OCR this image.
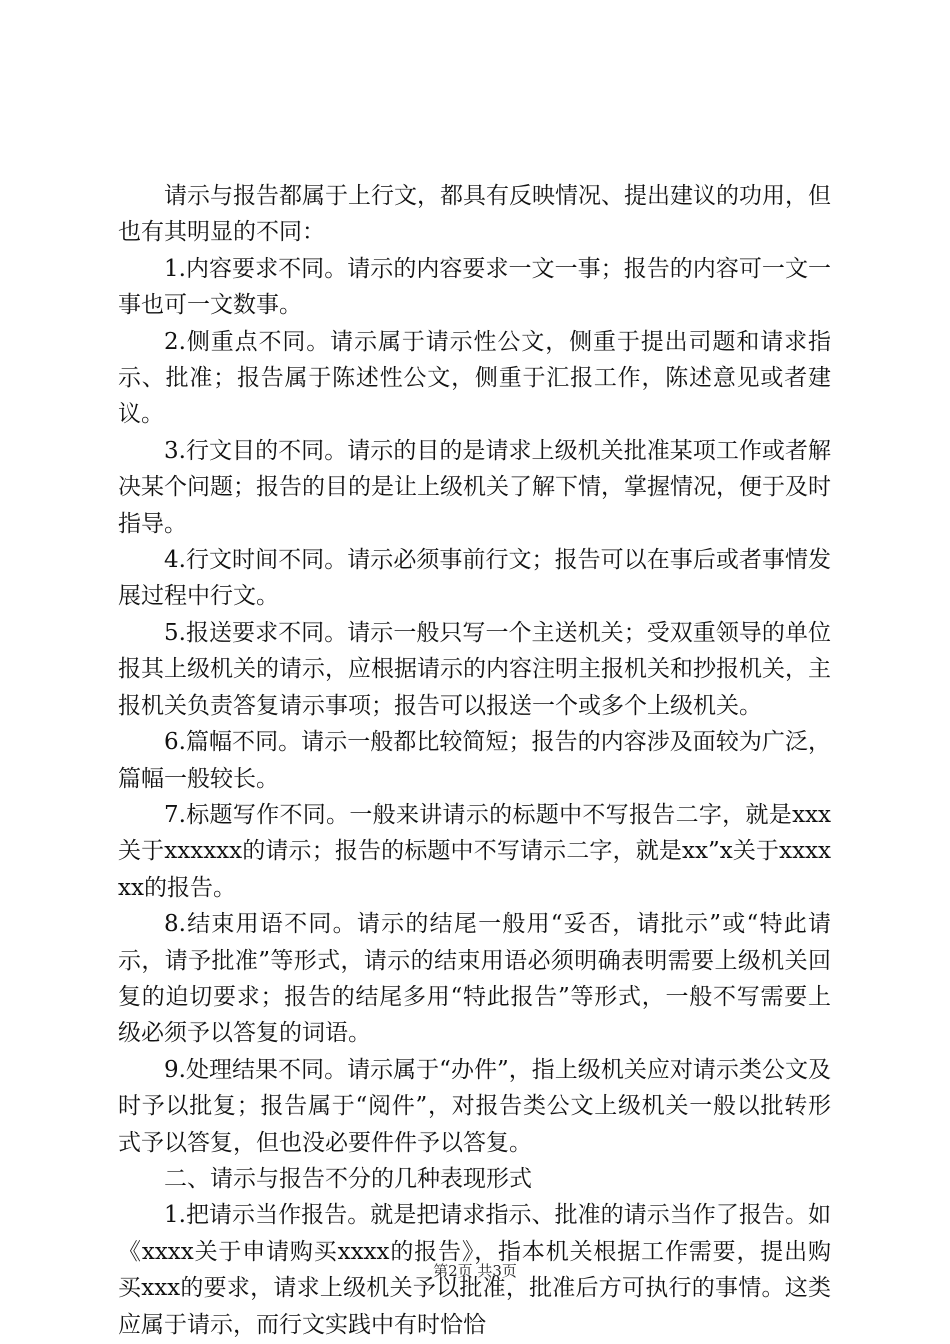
请示与报告都属于上行文，都具有反映情况、提出建议的功用，但也有其明显的不同：

1.内容要求不同。请示的内容要求一文一事；报告的内容可一文一事也可一文数事。

2.侧重点不同。请示属于请示性公文，侧重于提出司题和请求指示、批准；报告属于陈述性公文，侧重于汇报工作，陈述意见或者建议。

3.行文目的不同。请示的目的是请求上级机关批准某项工作或者解决某个问题；报告的目的是让上级机关了解下情，掌握情况，便于及时指导。

4.行文时间不同。请示必须事前行文；报告可以在事后或者事情发展过程中行文。

5.报送要求不同。请示一般只写一个主送机关；受双重领导的单位报其上级机关的请示，应根据请示的内容注明主报机关和抄报机关，主报机关负责答复请示事项；报告可以报送一个或多个上级机关。

6.篇幅不同。请示一般都比较简短；报告的内容涉及面较为广泛，篇幅一般较长。

7.标题写作不同。一般来讲请示的标题中不写报告二字，就是xxx关于xxxxxx的请示；报告的标题中不写请示二字，就是xx”x关于xxxxxx的报告。

8.结束用语不同。请示的结尾一般用“妥否，请批示”或“特此请示，请予批准”等形式，请示的结束用语必须明确表明需要上级机关回复的迫切要求；报告的结尾多用“特此报告”等形式，一般不写需要上级必须予以答复的词语。

9.处理结果不同。请示属于“办件”，指上级机关应对请示类公文及时予以批复；报告属于“阅件”，对报告类公文上级机关一般以批转形式予以答复，但也没必要件件予以答复。

二、请示与报告不分的几种表现形式

1.把请示当作报告。就是把请求指示、批准的请示当作了报告。如《xxxx关于申请购买xxxx的报告》，指本机关根据工作需要，提出购买xxx的要求，请求上级机关予以批准，批准后方可执行的事情。这类应属于请示，而行文实践中有时恰恰

第2页 共3页
